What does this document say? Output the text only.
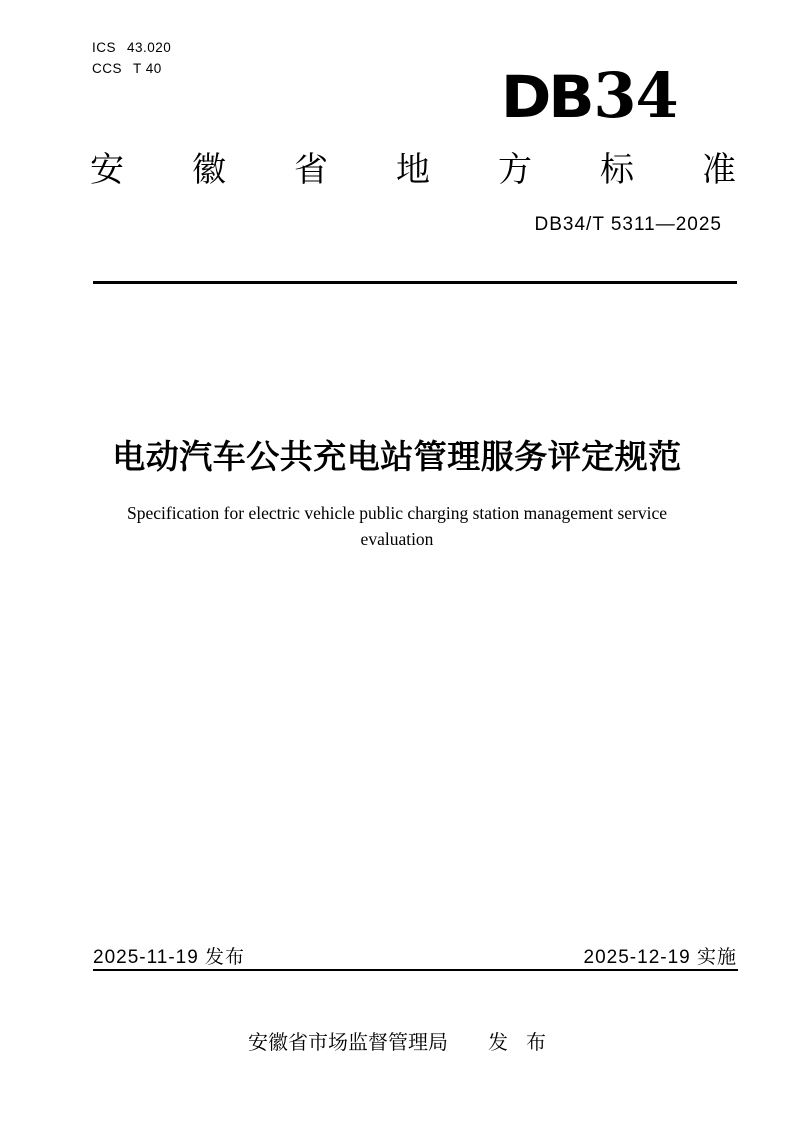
ICS 43.020
CCS T 40	DB34
安 徽 省 地 方 标 准
DB34/T 5311—2025
电动汽车公共充电站管理服务评定规范
Specification for electric vehicle public charging station management service
evaluation
2025-11-19 发布	2025-12-19 实施
安徽省市场监督管理局 发 布
